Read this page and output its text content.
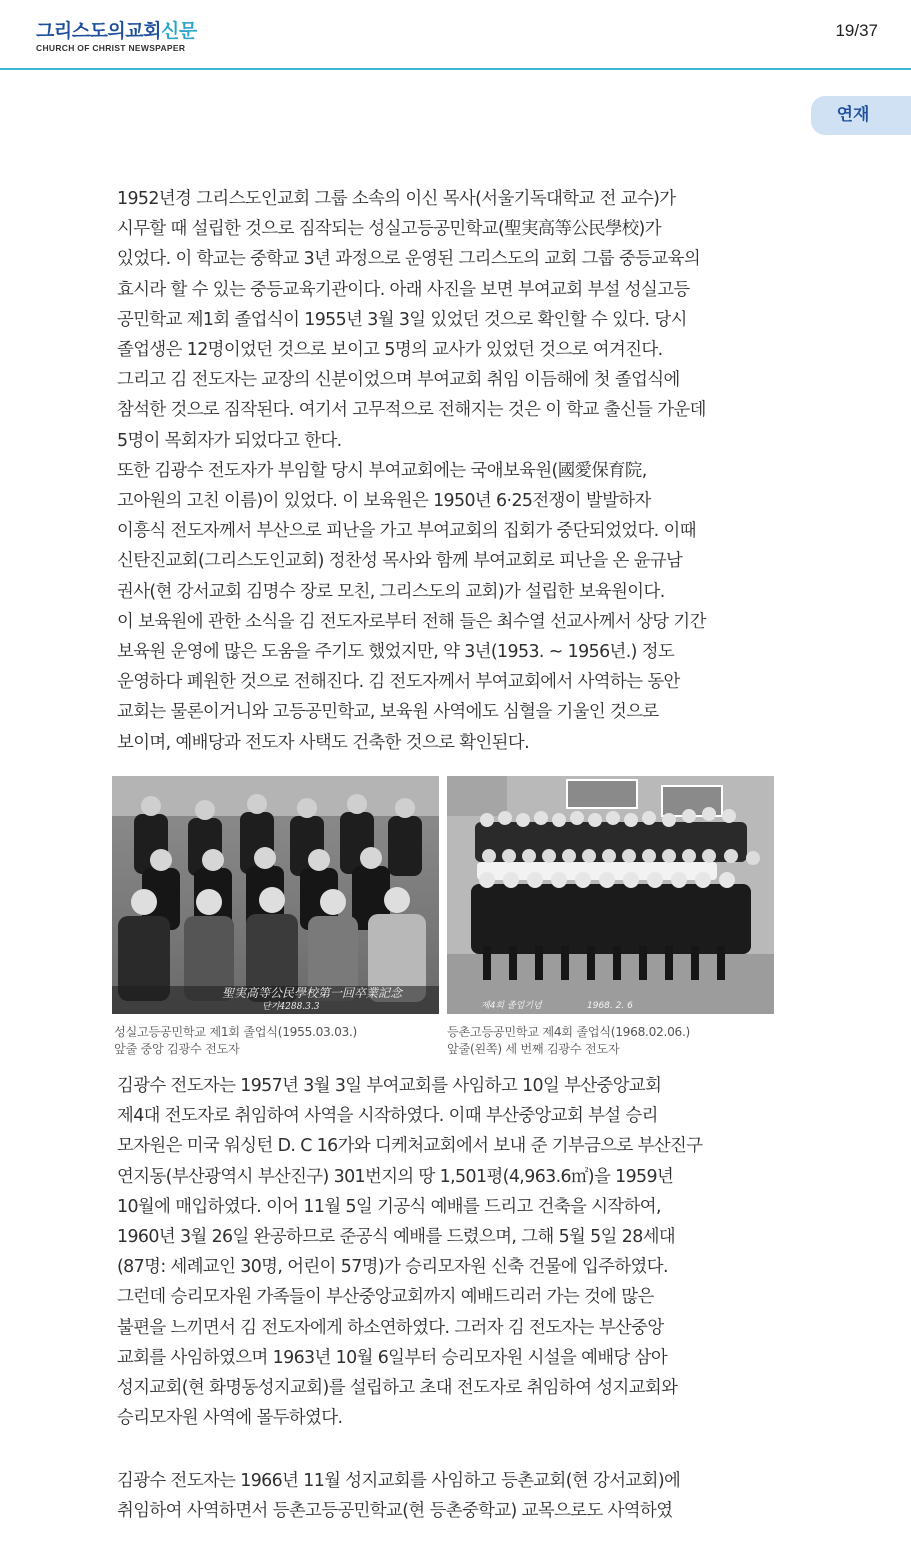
그리스도의교회신문
CHURCH OF CHRIST NEWSPAPER
19/37
연재

1952년경 그리스도인교회 그룹 소속의 이신 목사(서울기독대학교 전 교수)가

시무할 때 설립한 것으로 짐작되는 성실고등공민학교(聖実高等公民學校)가

있었다. 이 학교는 중학교 3년 과정으로 운영된 그리스도의 교회 그룹 중등교육의

효시라 할 수 있는 중등교육기관이다. 아래 사진을 보면 부여교회 부설 성실고등

공민학교 제1회 졸업식이 1955년 3월 3일 있었던 것으로 확인할 수 있다. 당시

졸업생은 12명이었던 것으로 보이고 5명의 교사가 있었던 것으로 여겨진다.

그리고 김 전도자는 교장의 신분이었으며 부여교회 취임 이듬해에 첫 졸업식에

참석한 것으로 짐작된다. 여기서 고무적으로 전해지는 것은 이 학교 출신들 가운데

5명이 목회자가 되었다고 한다.

또한 김광수 전도자가 부임할 당시 부여교회에는 국애보육원(國愛保育院,

고아원의 고친 이름)이 있었다. 이 보육원은 1950년 6·25전쟁이 발발하자

이흥식 전도자께서 부산으로 피난을 가고 부여교회의 집회가 중단되었었다. 이때

신탄진교회(그리스도인교회) 정찬성 목사와 함께 부여교회로 피난을 온 윤규남

권사(현 강서교회 김명수 장로 모친, 그리스도의 교회)가 설립한 보육원이다.

이 보육원에 관한 소식을 김 전도자로부터 전해 들은 최수열 선교사께서 상당 기간

보육원 운영에 많은 도움을 주기도 했었지만, 약 3년(1953. ~ 1956년.) 정도

운영하다 폐원한 것으로 전해진다. 김 전도자께서 부여교회에서 사역하는 동안

교회는 물론이거니와 고등공민학교, 보육원 사역에도 심혈을 기울인 것으로

보이며, 예배당과 전도자 사택도 건축한 것으로 확인된다.

聖実高等公民學校第一回卒業記念
단기4288.3.3	제4회 졸업기념	1968. 2. 6
성실고등공민학교 제1회 졸업식(1955.03.03.)
앞줄 중앙 김광수 전도자
등촌고등공민학교 제4회 졸업식(1968.02.06.)
앞줄(왼쪽) 세 번째 김광수 전도자

김광수 전도자는 1957년 3월 3일 부여교회를 사임하고 10일 부산중앙교회

제4대 전도자로 취임하여 사역을 시작하였다. 이때 부산중앙교회 부설 승리

모자원은 미국 워싱턴 D. C 16가와 디케처교회에서 보내 준 기부금으로 부산진구

연지동(부산광역시 부산진구) 301번지의 땅 1,501평(4,963.6㎡)을 1959년

10월에 매입하였다. 이어 11월 5일 기공식 예배를 드리고 건축을 시작하여,

1960년 3월 26일 완공하므로 준공식 예배를 드렸으며, 그해 5월 5일 28세대

(87명: 세례교인 30명, 어린이 57명)가 승리모자원 신축 건물에 입주하였다.

그런데 승리모자원 가족들이 부산중앙교회까지 예배드리러 가는 것에 많은

불편을 느끼면서 김 전도자에게 하소연하였다. 그러자 김 전도자는 부산중앙

교회를 사임하였으며 1963년 10월 6일부터 승리모자원 시설을 예배당 삼아

성지교회(현 화명동성지교회)를 설립하고 초대 전도자로 취임하여 성지교회와

승리모자원 사역에 몰두하였다.

김광수 전도자는 1966년 11월 성지교회를 사임하고 등촌교회(현 강서교회)에

취임하여 사역하면서 등촌고등공민학교(현 등촌중학교) 교목으로도 사역하였
